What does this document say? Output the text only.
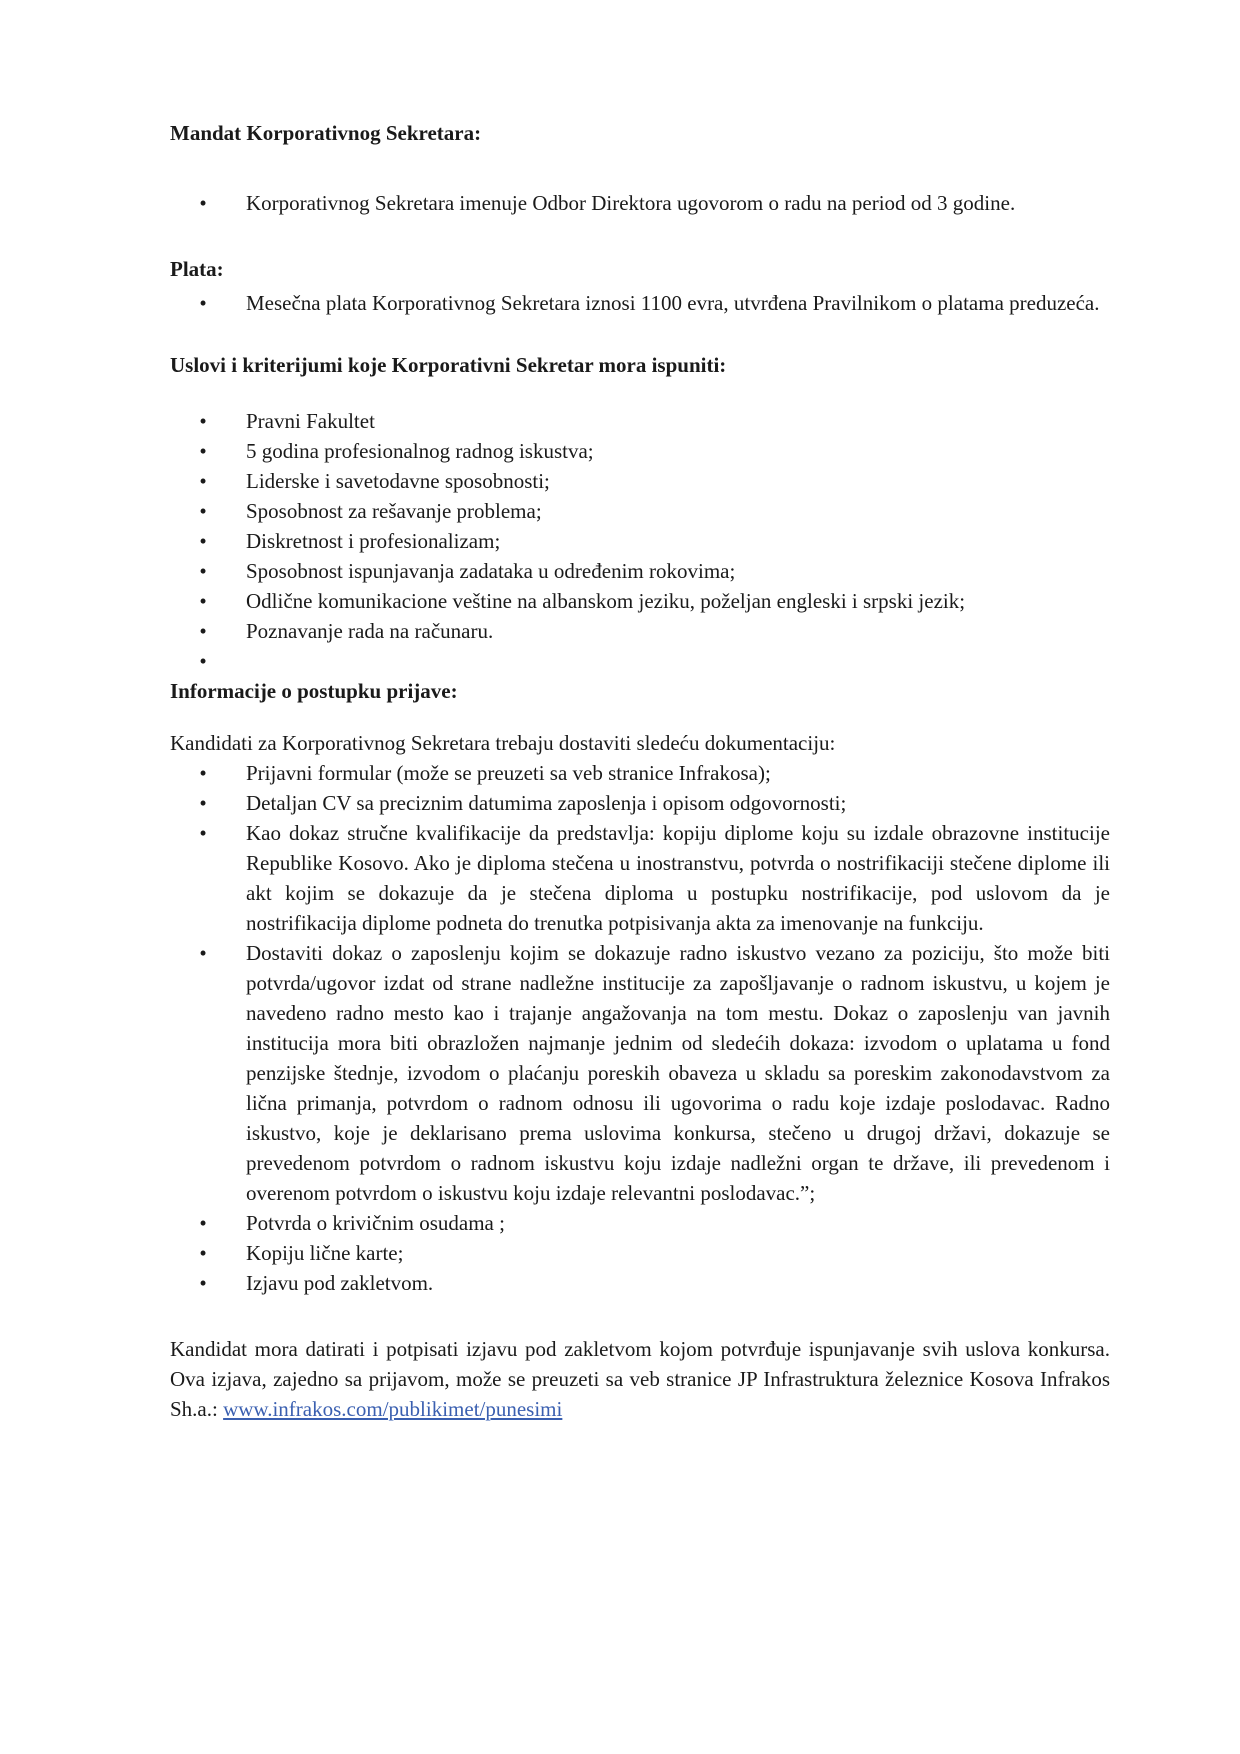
Mandat Korporativnog Sekretara:

• Korporativnog Sekretara imenuje Odbor Direktora ugovorom o radu na period od 3 godine.

Plata:

• Mesečna plata Korporativnog Sekretara iznosi 1100 evra, utvrđena Pravilnikom o platama preduzeća.

Uslovi i kriterijumi koje Korporativni Sekretar mora ispuniti:

• Pravni Fakultet
• 5 godina profesionalnog radnog iskustva;
• Liderske i savetodavne sposobnosti;
• Sposobnost za rešavanje problema;
• Diskretnost i profesionalizam;
• Sposobnost ispunjavanja zadataka u određenim rokovima;
• Odlične komunikacione veštine na albanskom jeziku, poželjan engleski i srpski jezik;
• Poznavanje rada na računaru.
•

Informacije o postupku prijave:

Kandidati za Korporativnog Sekretara trebaju dostaviti sledeću dokumentaciju:

• Prijavni formular (može se preuzeti sa veb stranice Infrakosa);
• Detaljan CV sa preciznim datumima zaposlenja i opisom odgovornosti;
• Kao dokaz stručne kvalifikacije da predstavlja: kopiju diplome koju su izdale obrazovne institucije Republike Kosovo. Ako je diploma stečena u inostranstvu, potvrda o nostrifikaciji stečene diplome ili akt kojim se dokazuje da je stečena diploma u postupku nostrifikacije, pod uslovom da je nostrifikacija diplome podneta do trenutka potpisivanja akta za imenovanje na funkciju.
• Dostaviti dokaz o zaposlenju kojim se dokazuje radno iskustvo vezano za poziciju, što može biti potvrda/ugovor izdat od strane nadležne institucije za zapošljavanje o radnom iskustvu, u kojem je navedeno radno mesto kao i trajanje angažovanja na tom mestu. Dokaz o zaposlenju van javnih institucija mora biti obrazložen najmanje jednim od sledećih dokaza: izvodom o uplatama u fond penzijske štednje, izvodom o plaćanju poreskih obaveza u skladu sa poreskim zakonodavstvom za lična primanja, potvrdom o radnom odnosu ili ugovorima o radu koje izdaje poslodavac. Radno iskustvo, koje je deklarisano prema uslovima konkursa, stečeno u drugoj državi, dokazuje se prevedenom potvrdom o radnom iskustvu koju izdaje nadležni organ te države, ili prevedenom i overenom potvrdom o iskustvu koju izdaje relevantni poslodavac.”;
• Potvrda o krivičnim osudama ;
• Kopiju lične karte;
• Izjavu pod zakletvom.

Kandidat mora datirati i potpisati izjavu pod zakletvom kojom potvrđuje ispunjavanje svih uslova konkursa. Ova izjava, zajedno sa prijavom, može se preuzeti sa veb stranice JP Infrastruktura železnice Kosova Infrakos Sh.a.: www.infrakos.com/publikimet/punesimi
